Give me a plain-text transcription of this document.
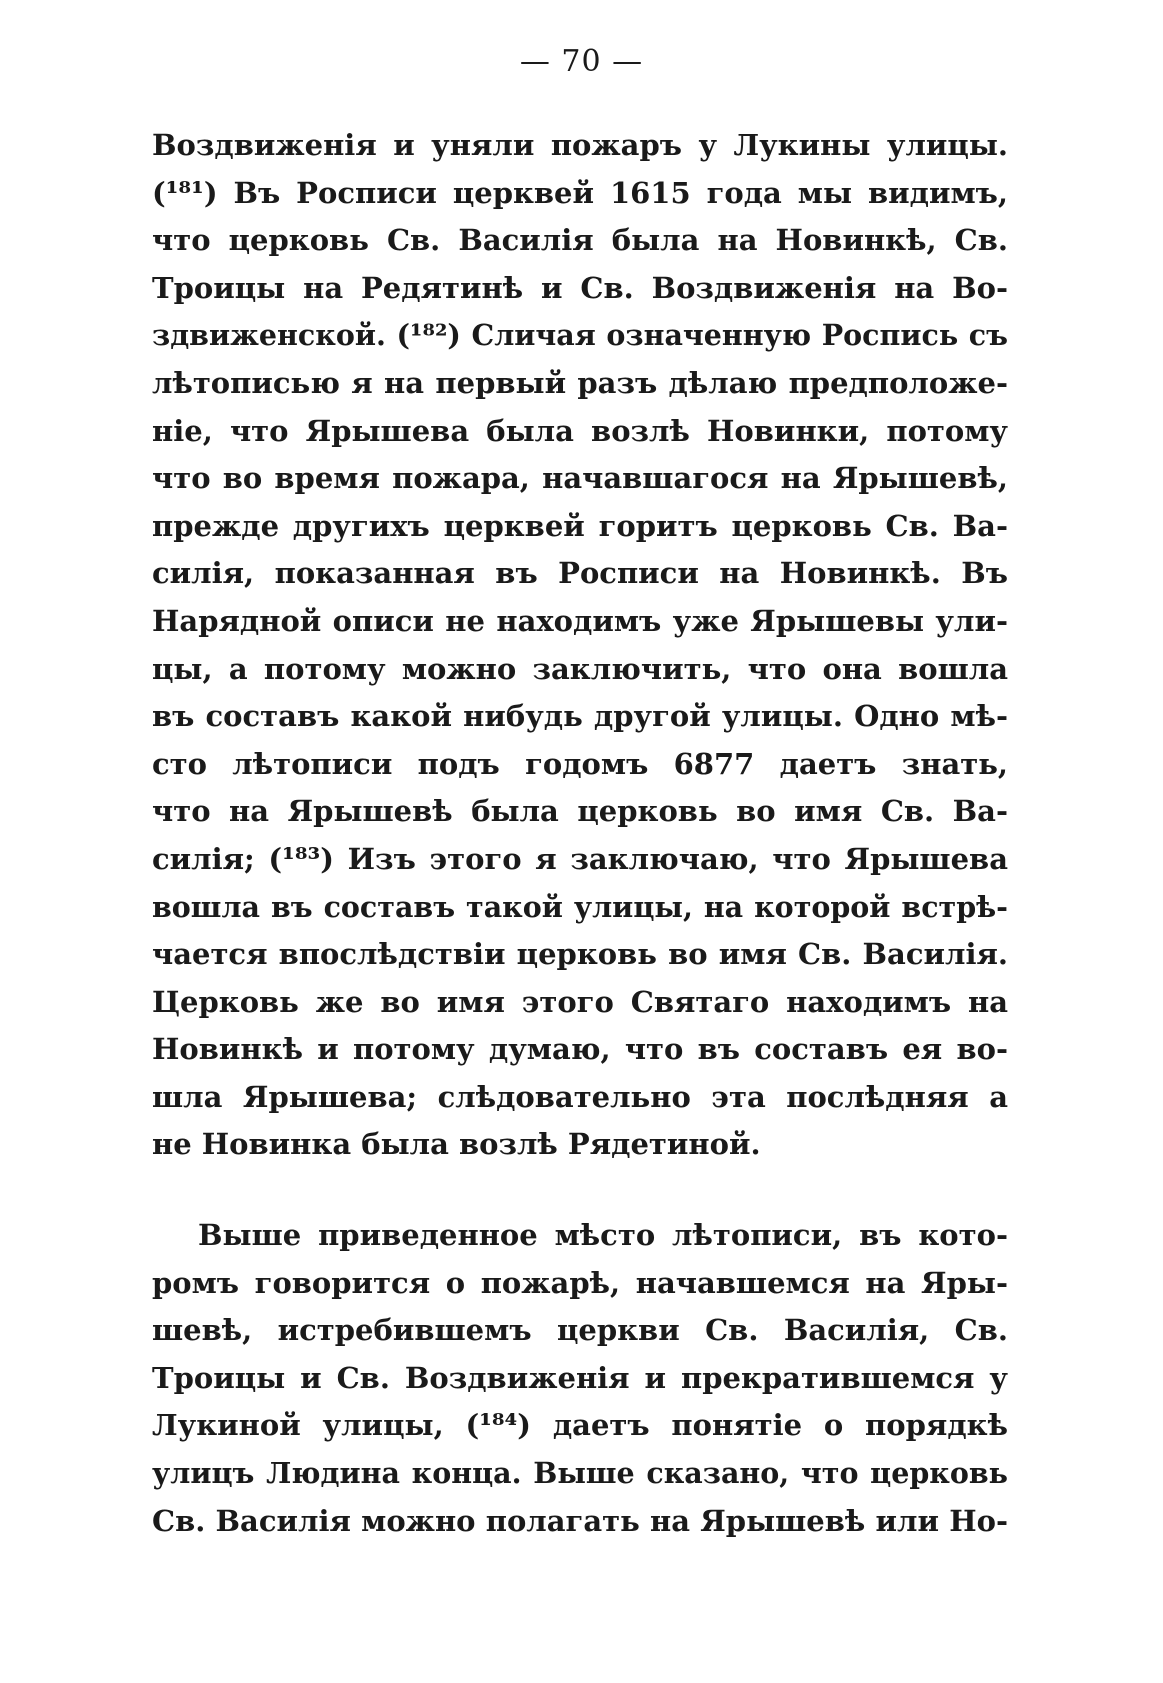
— 70 —
Воздвиженія и уняли пожаръ у Лукины улицы.
(¹⁸¹) Въ Росписи церквей 1615 года мы видимъ,
что церковь Св. Василія была на Новинкѣ, Св.
Троицы на Редятинѣ и Св. Воздвиженія на Во-
здвиженской. (¹⁸²) Сличая означенную Роспись съ
лѣтописью я на первый разъ дѣлаю предположе-
ніе, что Ярышева была возлѣ Новинки, потому
что во время пожара, начавшагося на Ярышевѣ,
прежде другихъ церквей горитъ церковь Св. Ва-
силія, показанная въ Росписи на Новинкѣ. Въ
Нарядной описи не находимъ уже Ярышевы ули-
цы, а потому можно заключить, что она вошла
въ составъ какой нибудь другой улицы. Одно мѣ-
сто лѣтописи подъ годомъ 6877 даетъ знать,
что на Ярышевѣ была церковь во имя Св. Ва-
силія; (¹⁸³) Изъ этого я заключаю, что Ярышева
вошла въ составъ такой улицы, на которой встрѣ-
чается впослѣдствіи церковь во имя Св. Василія.
Церковь же во имя этого Святаго находимъ на
Новинкѣ и потому думаю, что въ составъ ея во-
шла Ярышева; слѣдовательно эта послѣдняя а
не Новинка была возлѣ Рядетиной.
Выше приведенное мѣсто лѣтописи, въ кото-
ромъ говорится о пожарѣ, начавшемся на Яры-
шевѣ, истребившемъ церкви Св. Василія, Св.
Троицы и Св. Воздвиженія и прекратившемся у
Лукиной улицы, (¹⁸⁴) даетъ понятіе о порядкѣ
улицъ Людина конца. Выше сказано, что церковь
Св. Василія можно полагать на Ярышевѣ или Но-
